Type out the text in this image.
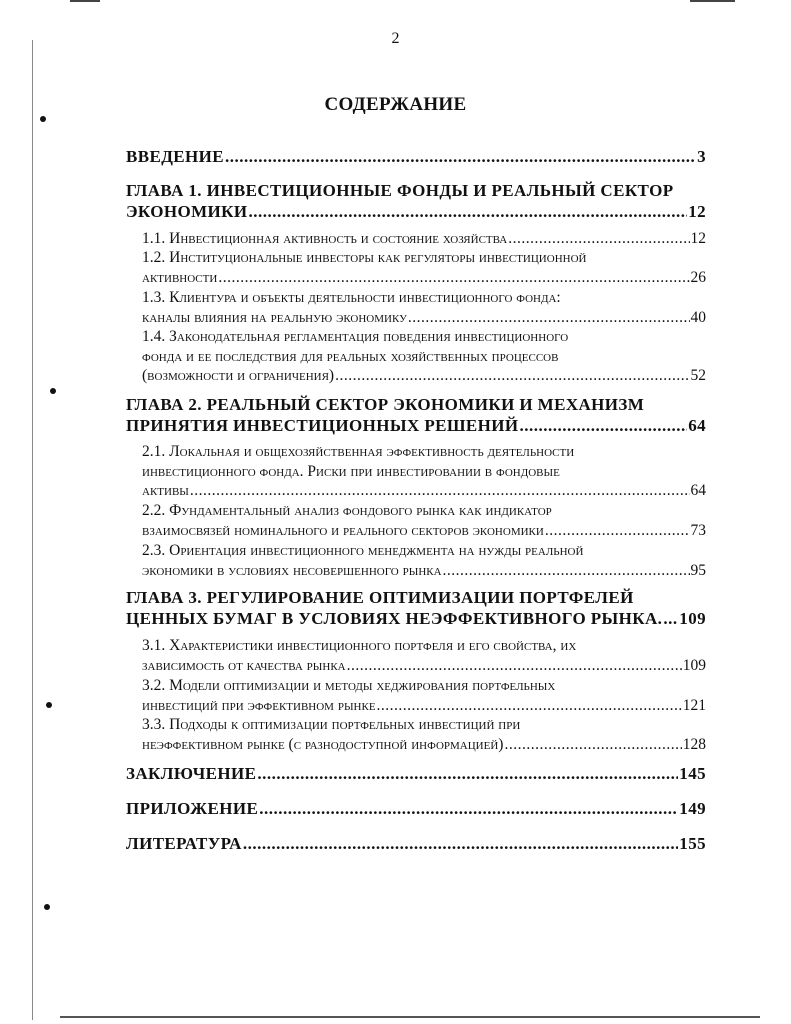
2
СОДЕРЖАНИЕ
ВВЕДЕНИЕ .....	3
ГЛАВА 1. ИНВЕСТИЦИОННЫЕ ФОНДЫ И РЕАЛЬНЫЙ СЕКТОР
ЭКОНОМИКИ .....	12
1.1. Инвестиционная активность и состояние хозяйства .....	12
1.2. Институциональные инвесторы как регуляторы инвестиционной
активности .....	26
1.3. Клиентура и объекты деятельности инвестиционного фонда:
каналы влияния на реальную экономику .....	40
1.4. Законодательная регламентация поведения инвестиционного
фонда и ее последствия для реальных хозяйственных процессов
(возможности и ограничения) .....	52
ГЛАВА 2. РЕАЛЬНЫЙ СЕКТОР ЭКОНОМИКИ И МЕХАНИЗМ
ПРИНЯТИЯ ИНВЕСТИЦИОННЫХ РЕШЕНИЙ .....	64
2.1. Локальная и общехозяйственная эффективность деятельности
инвестиционного фонда. Риски при инвестировании в фондовые
активы .....	64
2.2. Фундаментальный анализ фондового рынка как индикатор
взаимосвязей номинального и реального секторов экономики .....	73
2.3. Ориентация инвестиционного менеджмента на нужды реальной
экономики в условиях несовершенного рынка .....	95
ГЛАВА 3. РЕГУЛИРОВАНИЕ ОПТИМИЗАЦИИ ПОРТФЕЛЕЙ
ЦЕННЫХ БУМАГ В УСЛОВИЯХ НЕЭФФЕКТИВНОГО РЫНКА. ..... 109
3.1. Характеристики инвестиционного портфеля и его свойства, их
зависимость от качества рынка .....	109
3.2. Модели оптимизации и методы хеджирования портфельных
инвестиций при эффективном рынке .....	121
3.3. Подходы к оптимизации портфельных инвестиций при
неэффективном рынке (с разнодоступной информацией) .....	128
ЗАКЛЮЧЕНИЕ .....	145
ПРИЛОЖЕНИЕ .....	149
ЛИТЕРАТУРА .....	155
